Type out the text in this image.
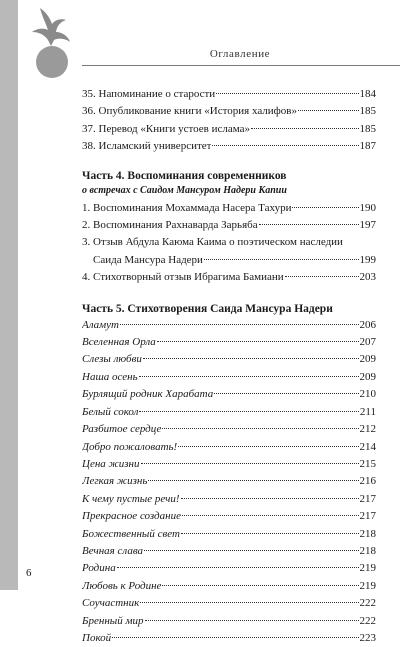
Оглавление
35. Напоминание о старости	184
36. Опубликование книги «История халифов»	185
37. Перевод «Книги устоев ислама»	185
38. Исламский университет	187
Часть 4. Воспоминания современников
о встречах с Саидом Мансуром Надери Капии
1. Воспоминания Мохаммада Насера Тахури	190
2. Воспоминания Рахнаварда Зарьяба	197
3. Отзыв Абдула Каюма Каима о поэтическом наследии
Саида Мансура Надери	199
4. Стихотворный отзыв Ибрагима Бамиани	203
Часть 5. Стихотворения Саида Мансура Надери
Аламут	206
Вселенная Орла	207
Слезы любви	209
Наша осень	209
Бурлящий родник Харабата	210
Белый сокол	211
Разбитое сердце	212
Добро пожаловать!	214
Цена жизни	215
Легкая жизнь	216
К чему пустые речи!	217
Прекрасное создание	217
Божественный свет	218
Вечная слава	218
Родина	219
Любовь к Родине	219
Соучастник	222
Бренный мир	222
Покой	223
6
